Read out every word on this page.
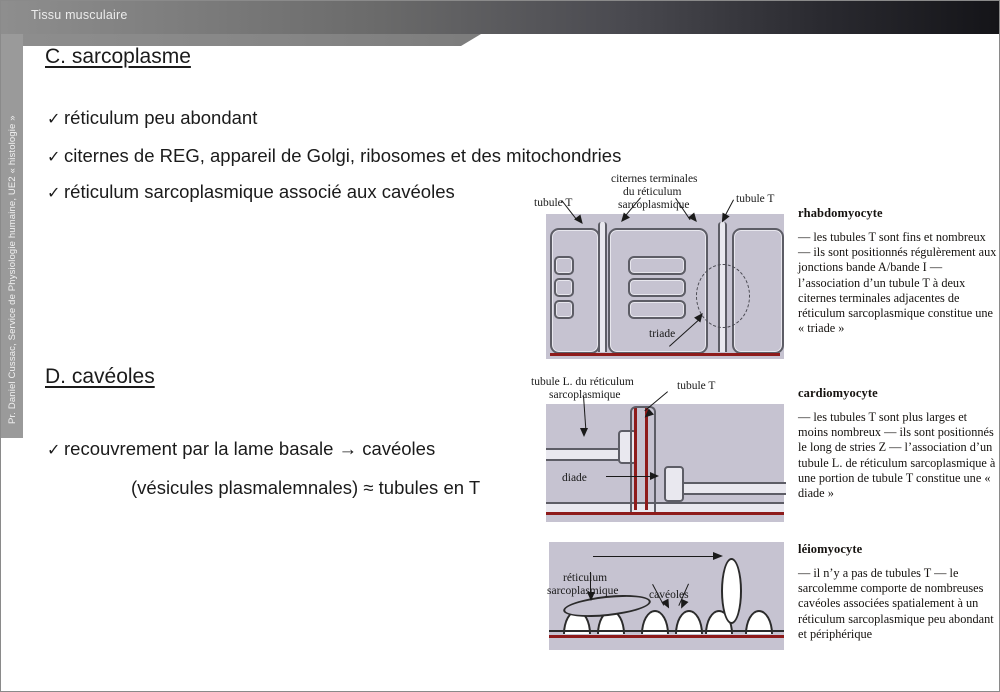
Tissu musculaire
Pr. Daniel Cussac, Service de Physiologie humaine, UE2 « histologie »
C. sarcoplasme
D. cavéoles
✓ réticulum peu abondant
✓ citernes de REG, appareil de Golgi, ribosomes et des mitochondries
✓ réticulum sarcoplasmique associé aux cavéoles
✓ recouvrement par la lame basale → cavéoles
(vésicules plasmalemnales) ≈ tubules en T
tubule T
citernes terminales
du réticulum
sarcoplasmique	tubule T
triade
tubule L. du réticulum
sarcoplasmique
tubule T
diade
réticulum
sarcoplasmique	cavéoles
rhabdomyocyte
— les tubules T sont fins et nombreux — ils sont positionnés régulèrement aux jonctions bande A/bande I — l’association d’un tubule T à deux citernes terminales adjacentes de réticulum sarcoplasmique constitue une « triade »
cardiomyocyte
— les tubules T sont plus larges et moins nombreux — ils sont positionnés le long de stries Z — l’association d’un tubule L. de réticulum sarcoplasmique à une portion de tubule T constitue une « diade »
léiomyocyte
— il n’y a pas de tubules T — le sarcolemme comporte de nombreuses cavéoles associées spatialement à un réticulum sarcoplasmique peu abondant et périphérique
